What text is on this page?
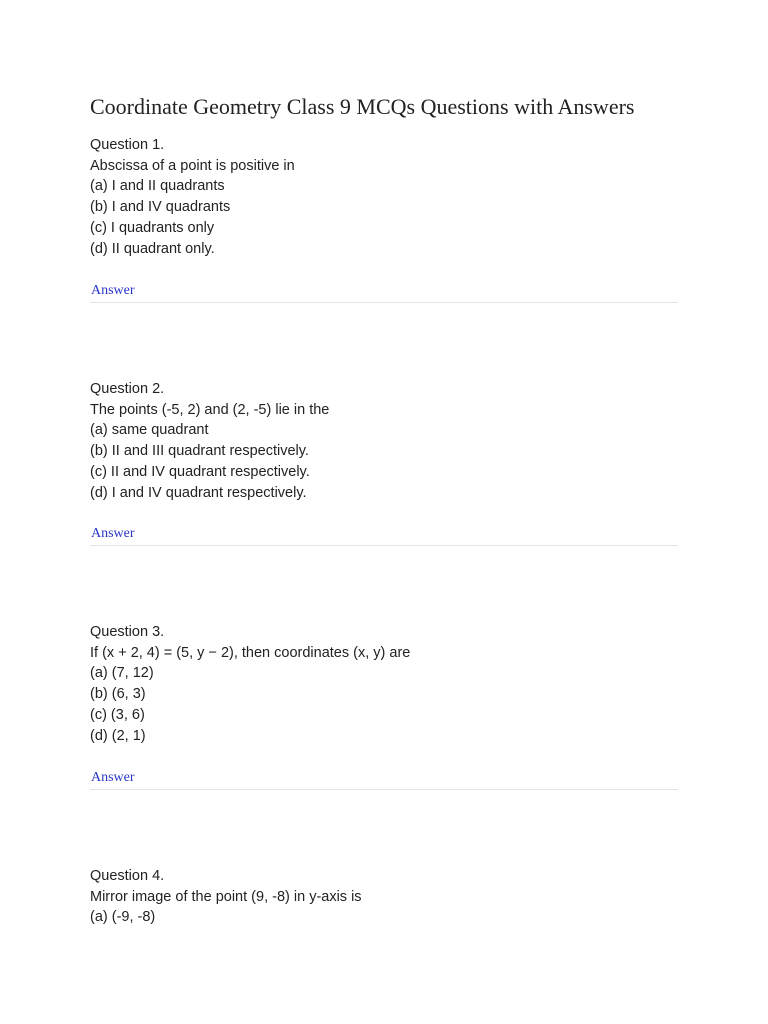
Coordinate Geometry Class 9 MCQs Questions with Answers
Question 1.
Abscissa of a point is positive in
(a) I and II quadrants
(b) I and IV quadrants
(c) I quadrants only
(d) II quadrant only.
Answer
Question 2.
The points (-5, 2) and (2, -5) lie in the
(a) same quadrant
(b) II and III quadrant respectively.
(c) II and IV quadrant respectively.
(d) I and IV quadrant respectively.
Answer
Question 3.
If (x + 2, 4) = (5, y − 2), then coordinates (x, y) are
(a) (7, 12)
(b) (6, 3)
(c) (3, 6)
(d) (2, 1)
Answer
Question 4.
Mirror image of the point (9, -8) in y-axis is
(a) (-9, -8)
